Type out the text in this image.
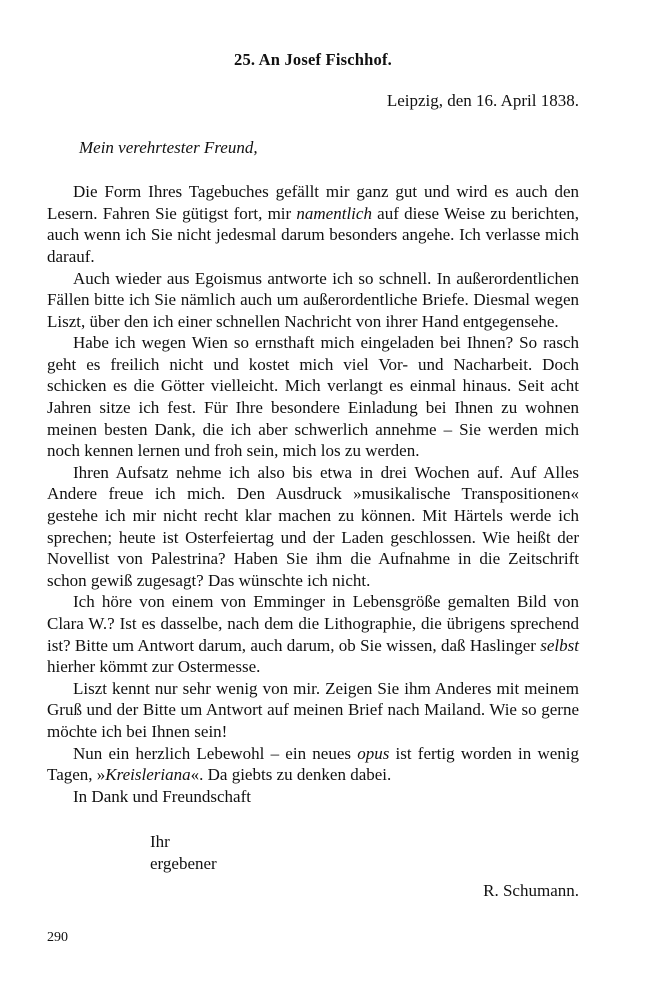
25. An Josef Fischhof.
Leipzig, den 16. April 1838.
Mein verehrtester Freund,

Die Form Ihres Tagebuches gefällt mir ganz gut und wird es auch den Lesern. Fahren Sie gütigst fort, mir namentlich auf diese Weise zu berichten, auch wenn ich Sie nicht jedesmal darum besonders angehe. Ich verlasse mich darauf.

Auch wieder aus Egoismus antworte ich so schnell. In außerordentlichen Fällen bitte ich Sie nämlich auch um außerordentliche Briefe. Diesmal wegen Liszt, über den ich einer schnellen Nachricht von ihrer Hand entgegensehe.

Habe ich wegen Wien so ernsthaft mich eingeladen bei Ihnen? So rasch geht es freilich nicht und kostet mich viel Vor- und Nacharbeit. Doch schicken es die Götter vielleicht. Mich verlangt es einmal hinaus. Seit acht Jahren sitze ich fest. Für Ihre besondere Einladung bei Ihnen zu wohnen meinen besten Dank, die ich aber schwerlich annehme – Sie werden mich noch kennen lernen und froh sein, mich los zu werden.

Ihren Aufsatz nehme ich also bis etwa in drei Wochen auf. Auf Alles Andere freue ich mich. Den Ausdruck »musikalische Transpositionen« gestehe ich mir nicht recht klar machen zu können. Mit Härtels werde ich sprechen; heute ist Osterfeiertag und der Laden geschlossen. Wie heißt der Novellist von Palestrina? Haben Sie ihm die Aufnahme in die Zeitschrift schon gewiß zugesagt? Das wünschte ich nicht.

Ich höre von einem von Emminger in Lebensgröße gemalten Bild von Clara W.? Ist es dasselbe, nach dem die Lithographie, die übrigens sprechend ist? Bitte um Antwort darum, auch darum, ob Sie wissen, daß Haslinger selbst hierher kömmt zur Ostermesse.

Liszt kennt nur sehr wenig von mir. Zeigen Sie ihm Anderes mit meinem Gruß und der Bitte um Antwort auf meinen Brief nach Mailand. Wie so gerne möchte ich bei Ihnen sein!

Nun ein herzlich Lebewohl – ein neues opus ist fertig worden in wenig Tagen, »Kreisleriana«. Da giebts zu denken dabei.

In Dank und Freundschaft
Ihr
ergebener
R. Schumann.
290
